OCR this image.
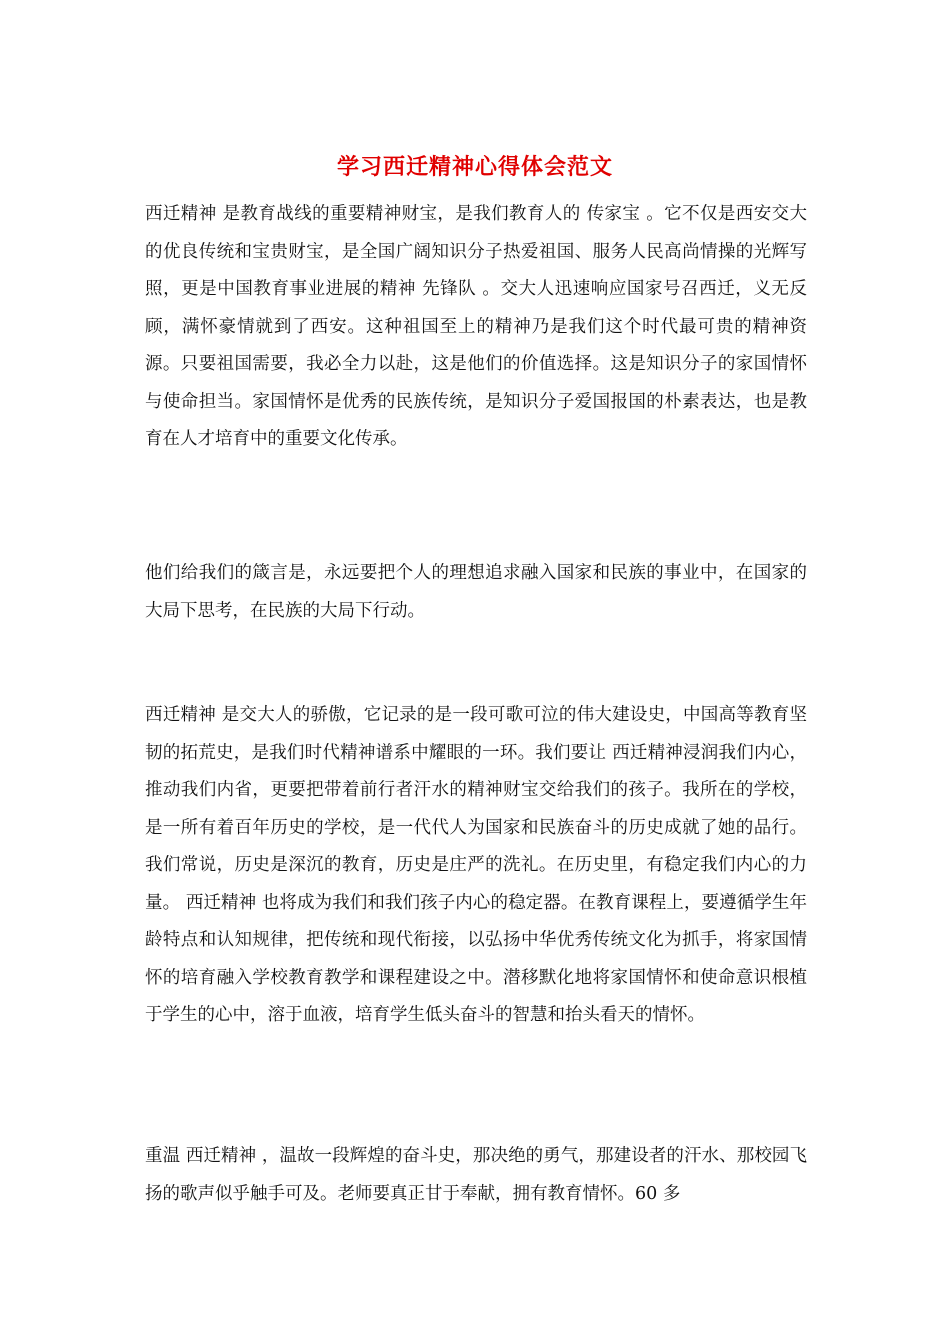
学习西迁精神心得体会范文

西迁精神 是教育战线的重要精神财宝，是我们教育人的 传家宝 。它不仅是西安交大的优良传统和宝贵财宝，是全国广阔知识分子热爱祖国、服务人民高尚情操的光辉写照，更是中国教育事业进展的精神 先锋队 。交大人迅速响应国家号召西迁，义无反顾，满怀豪情就到了西安。这种祖国至上的精神乃是我们这个时代最可贵的精神资源。只要祖国需要，我必全力以赴，这是他们的价值选择。这是知识分子的家国情怀与使命担当。家国情怀是优秀的民族传统，是知识分子爱国报国的朴素表达，也是教育在人才培育中的重要文化传承。

他们给我们的箴言是，永远要把个人的理想追求融入国家和民族的事业中，在国家的大局下思考，在民族的大局下行动。

西迁精神 是交大人的骄傲，它记录的是一段可歌可泣的伟大建设史，中国高等教育坚韧的拓荒史，是我们时代精神谱系中耀眼的一环。我们要让 西迁精神浸润我们内心，推动我们内省，更要把带着前行者汗水的精神财宝交给我们的孩子。我所在的学校，是一所有着百年历史的学校，是一代代人为国家和民族奋斗的历史成就了她的品行。我们常说，历史是深沉的教育，历史是庄严的洗礼。在历史里，有稳定我们内心的力量。 西迁精神 也将成为我们和我们孩子内心的稳定器。在教育课程上，要遵循学生年龄特点和认知规律，把传统和现代衔接，以弘扬中华优秀传统文化为抓手，将家国情怀的培育融入学校教育教学和课程建设之中。潜移默化地将家国情怀和使命意识根植于学生的心中，溶于血液，培育学生低头奋斗的智慧和抬头看天的情怀。

重温 西迁精神 ，温故一段辉煌的奋斗史，那决绝的勇气，那建设者的汗水、那校园飞扬的歌声似乎触手可及。老师要真正甘于奉献，拥有教育情怀。60 多
